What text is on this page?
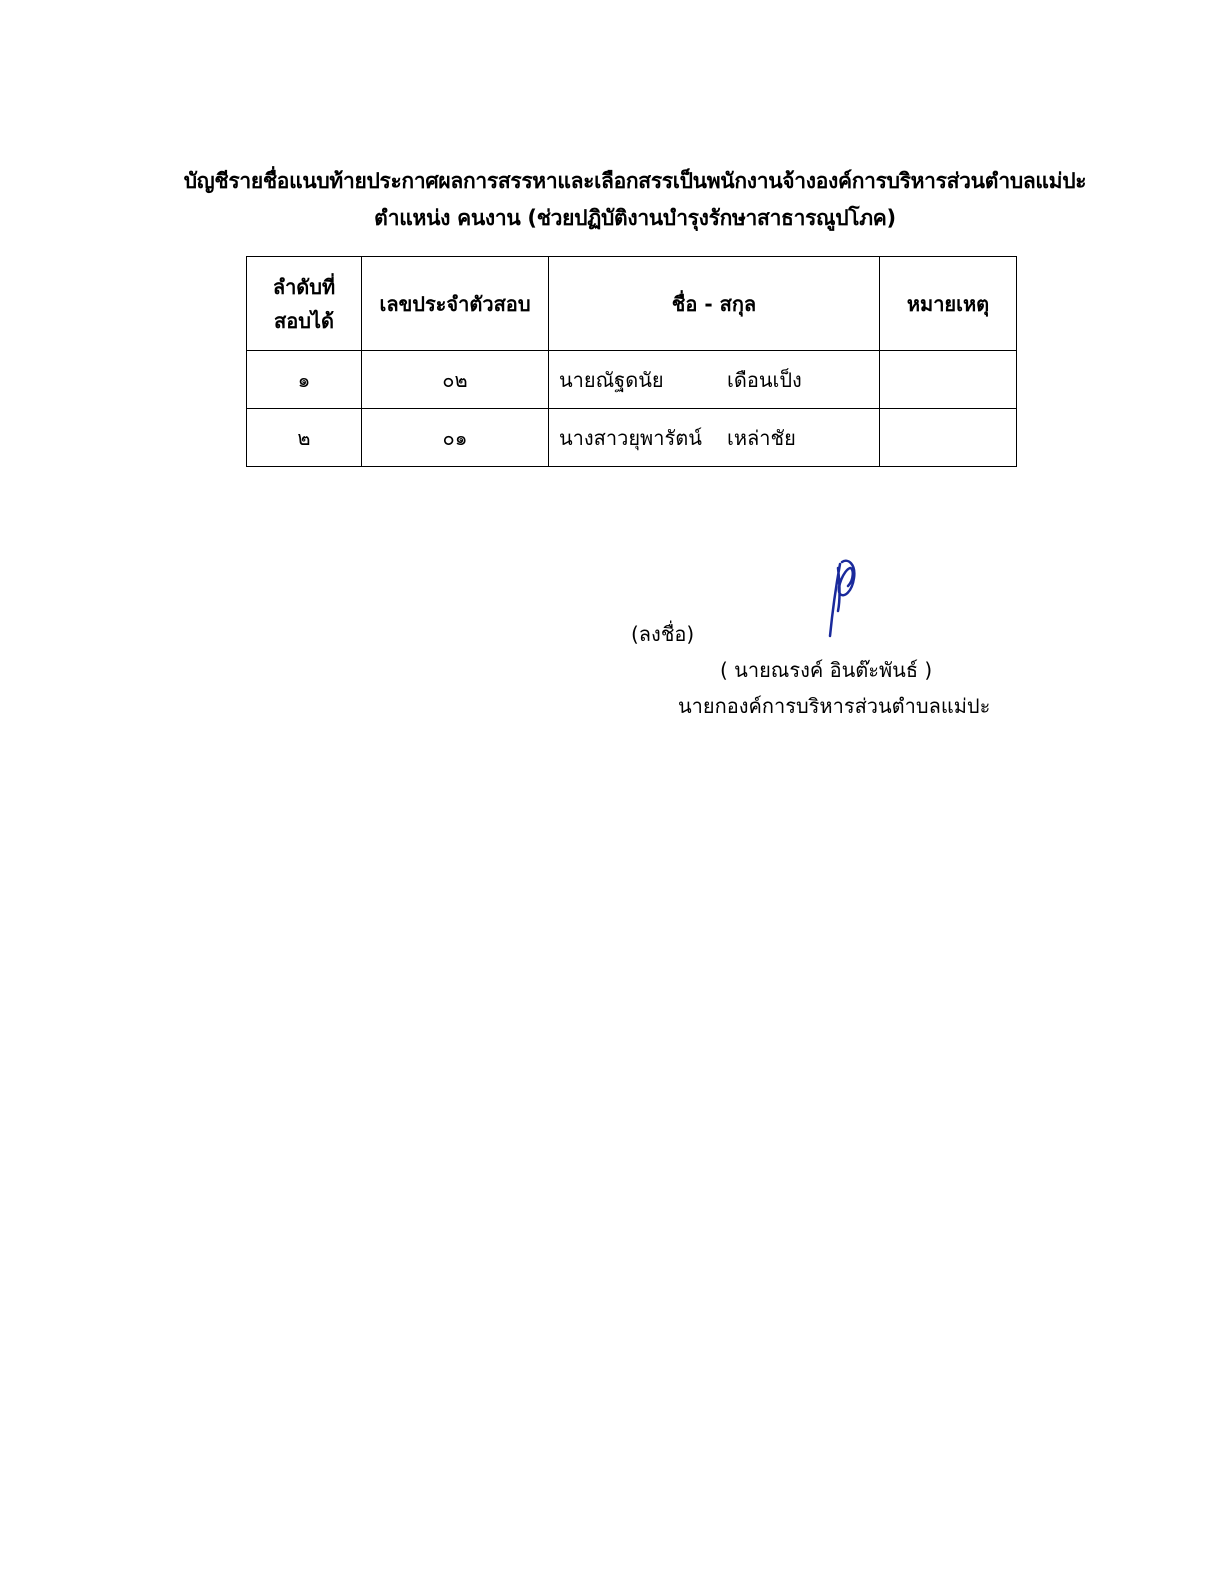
บัญชีรายชื่อแนบท้ายประกาศผลการสรรหาและเลือกสรรเป็นพนักงานจ้างองค์การบริหารส่วนตำบลแม่ปะ
ตำแหน่ง คนงาน (ช่วยปฏิบัติงานบำรุงรักษาสาธารณูปโภค)
ลำดับที่
สอบได้	เลขประจำตัวสอบ	ชื่อ - สกุล	หมายเหตุ
๑	๐๒	นายณัฐดนัย เดือนเป็ง	
๒	๐๑	นางสาวยุพารัตน์ เหล่าชัย	
(ลงชื่อ)
( นายณรงค์ อินต๊ะพันธ์ )
นายกองค์การบริหารส่วนตำบลแม่ปะ
